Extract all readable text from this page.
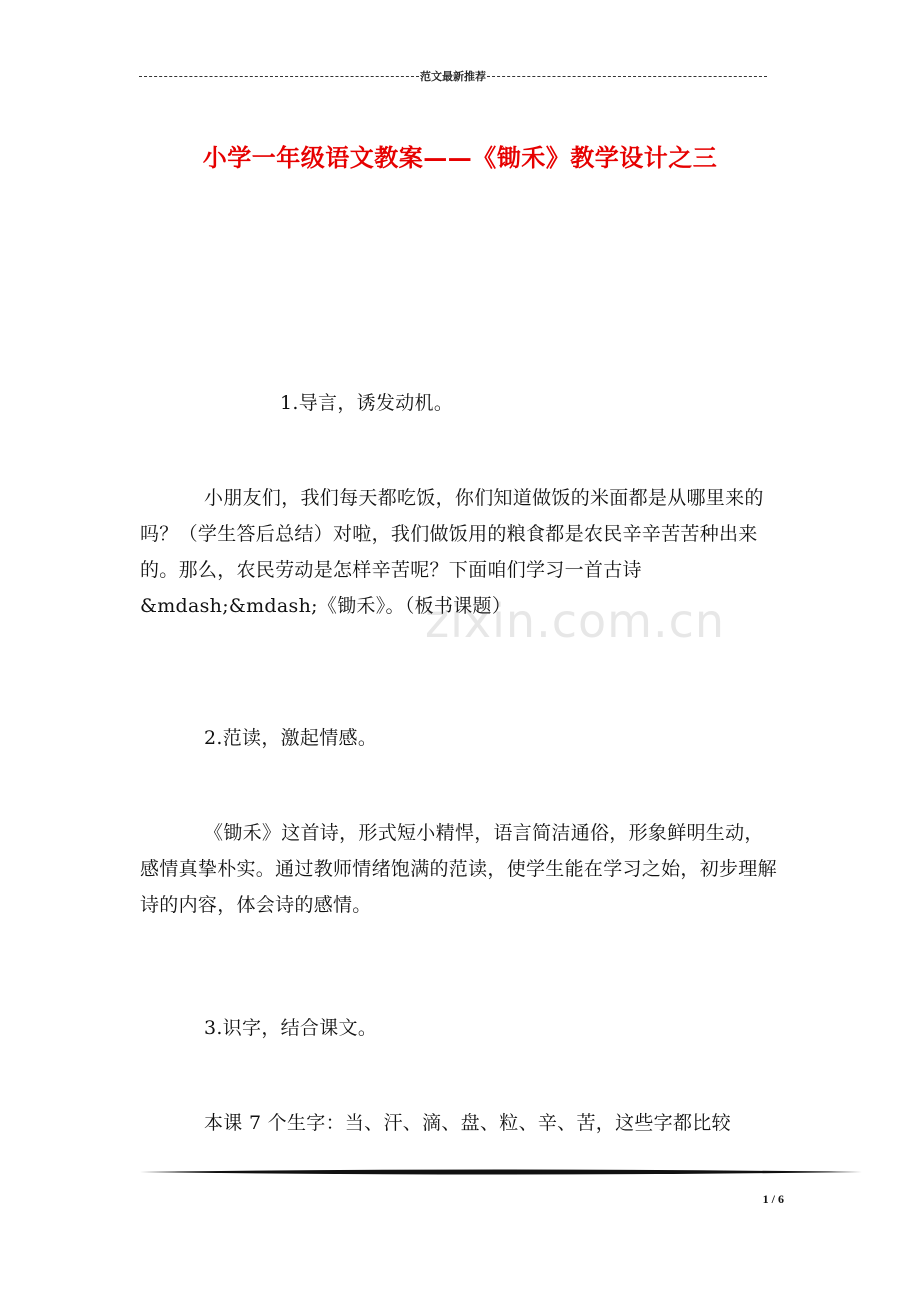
范文最新推荐
小学一年级语文教案——《锄禾》教学设计之三

1.导言，诱发动机。

小朋友们，我们每天都吃饭，你们知道做饭的米面都是从哪里来的吗？（学生答后总结）对啦，我们做饭用的粮食都是农民辛辛苦苦种出来的。那么，农民劳动是怎样辛苦呢？下面咱们学习一首古诗&mdash;&mdash;《锄禾》。（板书课题）

2.范读，激起情感。

《锄禾》这首诗，形式短小精悍，语言简洁通俗，形象鲜明生动，感情真挚朴实。通过教师情绪饱满的范读，使学生能在学习之始，初步理解诗的内容，体会诗的感情。

3.识字，结合课文。

本课 7 个生字：当、汗、滴、盘、粒、辛、苦，这些字都比较

zixin.com.cn
1 / 6
